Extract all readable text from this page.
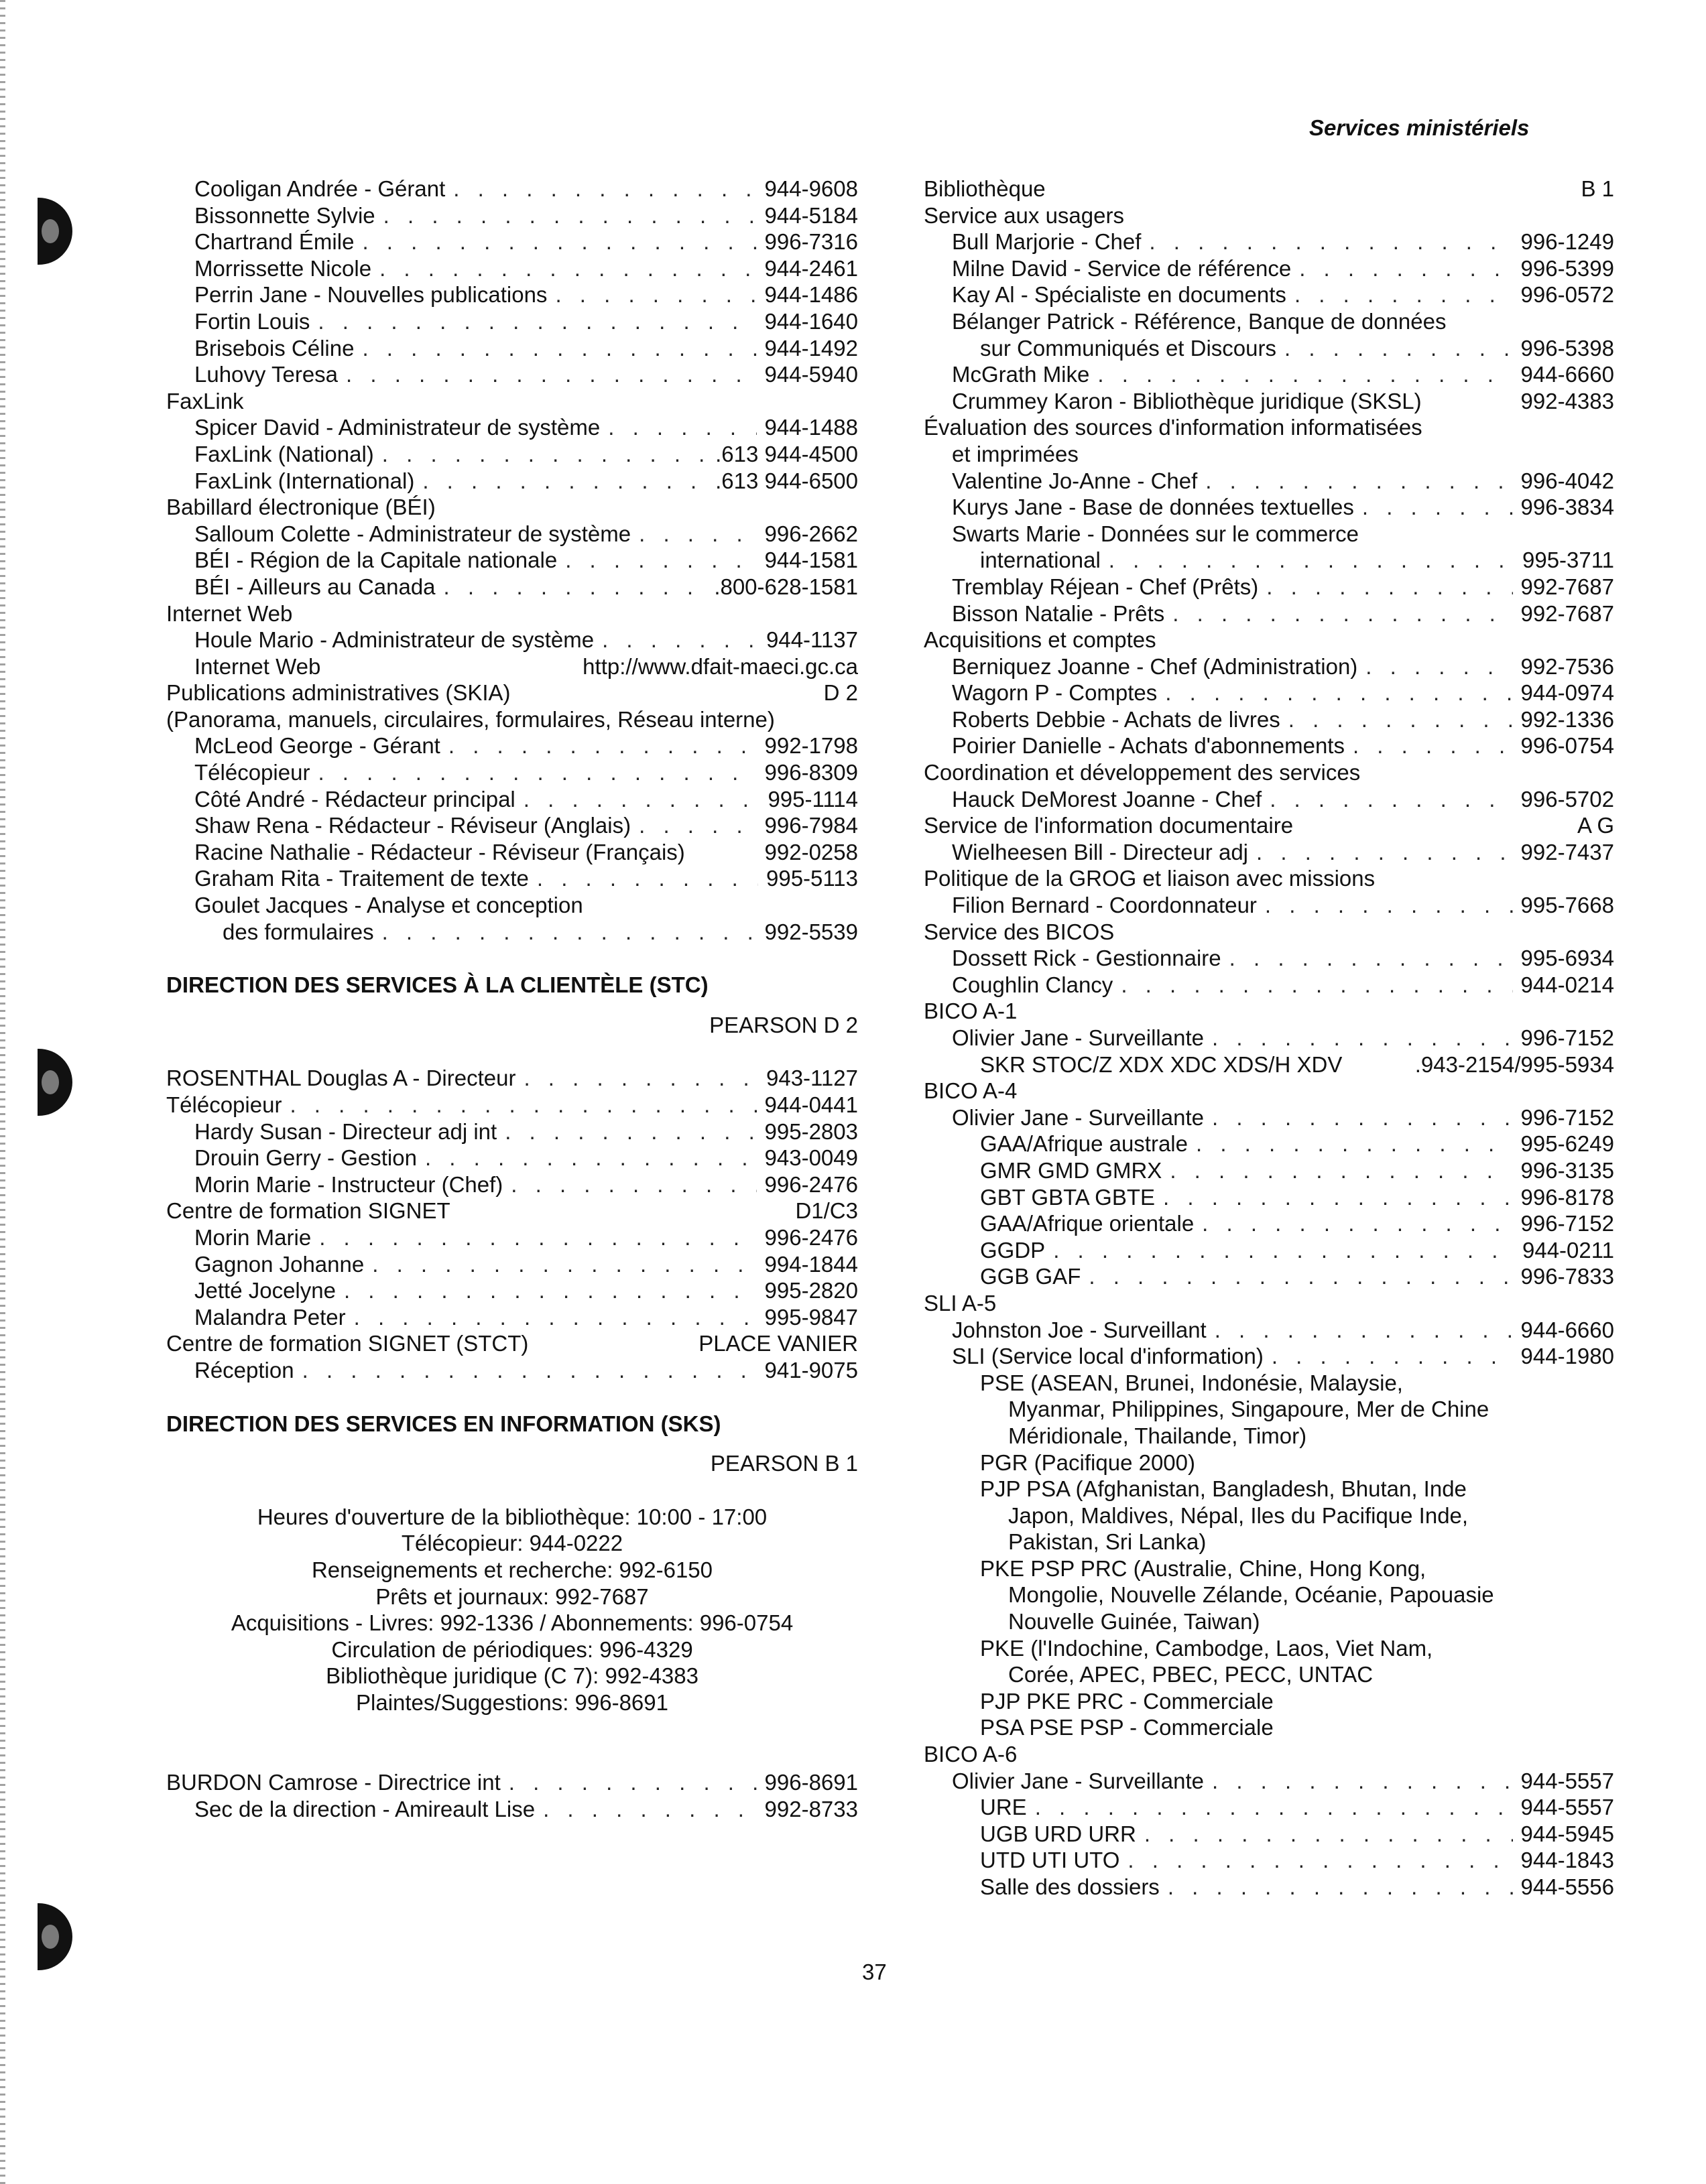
Services ministériels
Cooligan Andrée - Gérant . . .	944-9608
Bissonnette Sylvie . . .	944-5184
Chartrand Émile . . .	996-7316
Morrissette Nicole . . .	944-2461
Perrin Jane - Nouvelles publications . . .	944-1486
Fortin Louis . . .	944-1640
Brisebois Céline . . .	944-1492
Luhovy Teresa . . .	944-5940
FaxLink
Spicer David - Administrateur de système . . .	944-1488
FaxLink (National) . . .	.613 944-4500
FaxLink (International) . . .	.613 944-6500
Babillard électronique (BÉI)
Salloum Colette - Administrateur de système . . .	996-2662
BÉI - Région de la Capitale nationale . . .	944-1581
BÉI - Ailleurs au Canada . . .	.800-628-1581
Internet Web
Houle Mario - Administrateur de système . . .	944-1137
Internet Web	http://www.dfait-maeci.gc.ca
Publications administratives (SKIA)	D 2
(Panorama, manuels, circulaires, formulaires, Réseau interne)
McLeod George - Gérant . . .	992-1798
Télécopieur . . .	996-8309
Côté André - Rédacteur principal . . .	995-1114
Shaw Rena - Rédacteur - Réviseur (Anglais) . . .	996-7984
Racine Nathalie - Rédacteur - Réviseur (Français)	992-0258
Graham Rita - Traitement de texte . . .	995-5113
Goulet Jacques - Analyse et conception
des formulaires . . .	992-5539
DIRECTION DES SERVICES À LA CLIENTÈLE (STC)
PEARSON D 2
ROSENTHAL Douglas A - Directeur . . .	943-1127
Télécopieur . . .	944-0441
Hardy Susan - Directeur adj int . . .	995-2803
Drouin Gerry - Gestion . . .	943-0049
Morin Marie - Instructeur (Chef) . . .	996-2476
Centre de formation SIGNET	D1/C3
Morin Marie . . .	996-2476
Gagnon Johanne . . .	994-1844
Jetté Jocelyne . . .	995-2820
Malandra Peter . . .	995-9847
Centre de formation SIGNET (STCT)	PLACE VANIER
Réception . . .	941-9075
DIRECTION DES SERVICES EN INFORMATION (SKS)
PEARSON B 1
Heures d'ouverture de la bibliothèque: 10:00 - 17:00
Télécopieur: 944-0222
Renseignements et recherche: 992-6150
Prêts et journaux: 992-7687
Acquisitions - Livres: 992-1336 / Abonnements: 996-0754
Circulation de périodiques: 996-4329
Bibliothèque juridique (C 7): 992-4383
Plaintes/Suggestions: 996-8691
BURDON Camrose - Directrice int . . .	996-8691
Sec de la direction - Amireault Lise . . .	992-8733
Bibliothèque	B 1
Service aux usagers
Bull Marjorie - Chef . . .	996-1249
Milne David - Service de référence . . .	996-5399
Kay Al - Spécialiste en documents . . .	996-0572
Bélanger Patrick - Référence, Banque de données
sur Communiqués et Discours . . .	996-5398
McGrath Mike . . .	944-6660
Crummey Karon - Bibliothèque juridique (SKSL)	992-4383
Évaluation des sources d'information informatisées
et imprimées
Valentine Jo-Anne - Chef . . .	996-4042
Kurys Jane - Base de données textuelles . . .	996-3834
Swarts Marie - Données sur le commerce
international . . .	995-3711
Tremblay Réjean - Chef (Prêts) . . .	992-7687
Bisson Natalie - Prêts . . .	992-7687
Acquisitions et comptes
Berniquez Joanne - Chef (Administration) . . .	992-7536
Wagorn P - Comptes . . .	944-0974
Roberts Debbie - Achats de livres . . .	992-1336
Poirier Danielle - Achats d'abonnements . . .	996-0754
Coordination et développement des services
Hauck DeMorest Joanne - Chef . . .	996-5702
Service de l'information documentaire	A G
Wielheesen Bill - Directeur adj . . .	992-7437
Politique de la GROG et liaison avec missions
Filion Bernard - Coordonnateur . . .	995-7668
Service des BICOS
Dossett Rick - Gestionnaire . . .	995-6934
Coughlin Clancy . . .	944-0214
BICO A-1
Olivier Jane - Surveillante . . .	996-7152
SKR STOC/Z XDX XDC XDS/H XDV	.943-2154/995-5934
BICO A-4
Olivier Jane - Surveillante . . .	996-7152
GAA/Afrique australe . . .	995-6249
GMR GMD GMRX . . .	996-3135
GBT GBTA GBTE . . .	996-8178
GAA/Afrique orientale . . .	996-7152
GGDP . . .	944-0211
GGB GAF . . .	996-7833
SLI A-5
Johnston Joe - Surveillant . . .	944-6660
SLI (Service local d'information) . . .	944-1980
PSE (ASEAN, Brunei, Indonésie, Malaysie,
Myanmar, Philippines, Singapoure, Mer de Chine
Méridionale, Thailande, Timor)
PGR (Pacifique 2000)
PJP PSA (Afghanistan, Bangladesh, Bhutan, Inde
Japon, Maldives, Népal, Iles du Pacifique Inde,
Pakistan, Sri Lanka)
PKE PSP PRC (Australie, Chine, Hong Kong,
Mongolie, Nouvelle Zélande, Océanie, Papouasie
Nouvelle Guinée, Taiwan)
PKE (l'Indochine, Cambodge, Laos, Viet Nam,
Corée, APEC, PBEC, PECC, UNTAC
PJP PKE PRC - Commerciale
PSA PSE PSP - Commerciale
BICO A-6
Olivier Jane - Surveillante . . .	944-5557
URE . . .	944-5557
UGB URD URR . . .	944-5945
UTD UTI UTO . . .	944-1843
Salle des dossiers . . .	944-5556
37
